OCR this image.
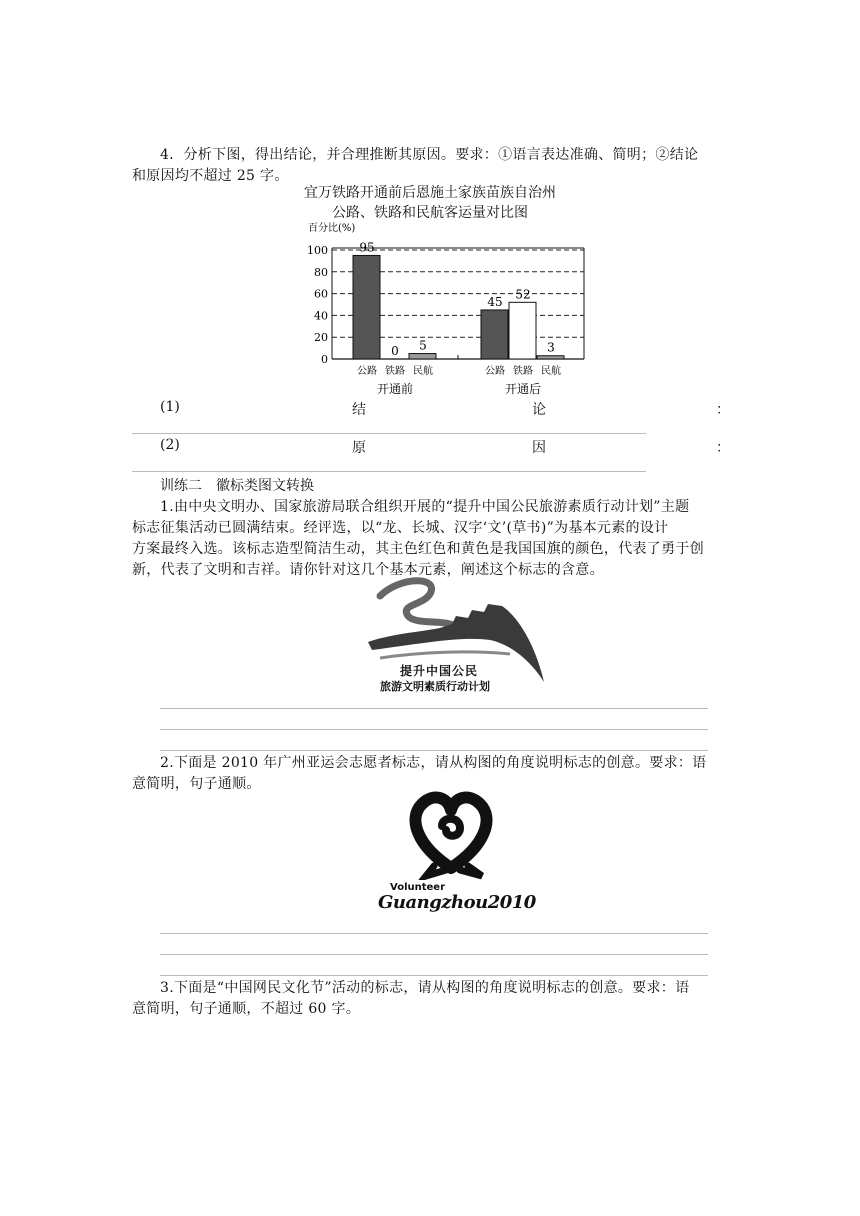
4．分析下图，得出结论，并合理推断其原因。要求：①语言表达准确、简明；②结论
和原因均不超过 25 字。
宜万铁路开通前后恩施土家族苗族自治州
公路、铁路和民航客运量对比图
百分比(%)
100
80
60
40
20
0
95
公路
0
铁路
5
民航
开通前
45
公路
52
铁路
3
民航
开通后
(1)	结	论	：
(2)	原	因	：
训练二　徽标类图文转换
1.由中央文明办、国家旅游局联合组织开展的“提升中国公民旅游素质行动计划”主题
标志征集活动已圆满结束。经评选，以“龙、长城、汉字‘文’(草书)”为基本元素的设计
方案最终入选。该标志造型简洁生动，其主色红色和黄色是我国国旗的颜色，代表了勇于创
新，代表了文明和吉祥。请你针对这几个基本元素，阐述这个标志的含意。
提升中国公民
旅游文明素质行动计划
2.下面是 2010 年广州亚运会志愿者标志，请从构图的角度说明标志的创意。要求：语
意简明，句子通顺。
Volunteer
Guangzhou2010
3.下面是“中国网民文化节”活动的标志，请从构图的角度说明标志的创意。要求：语
意简明，句子通顺，不超过 60 字。
